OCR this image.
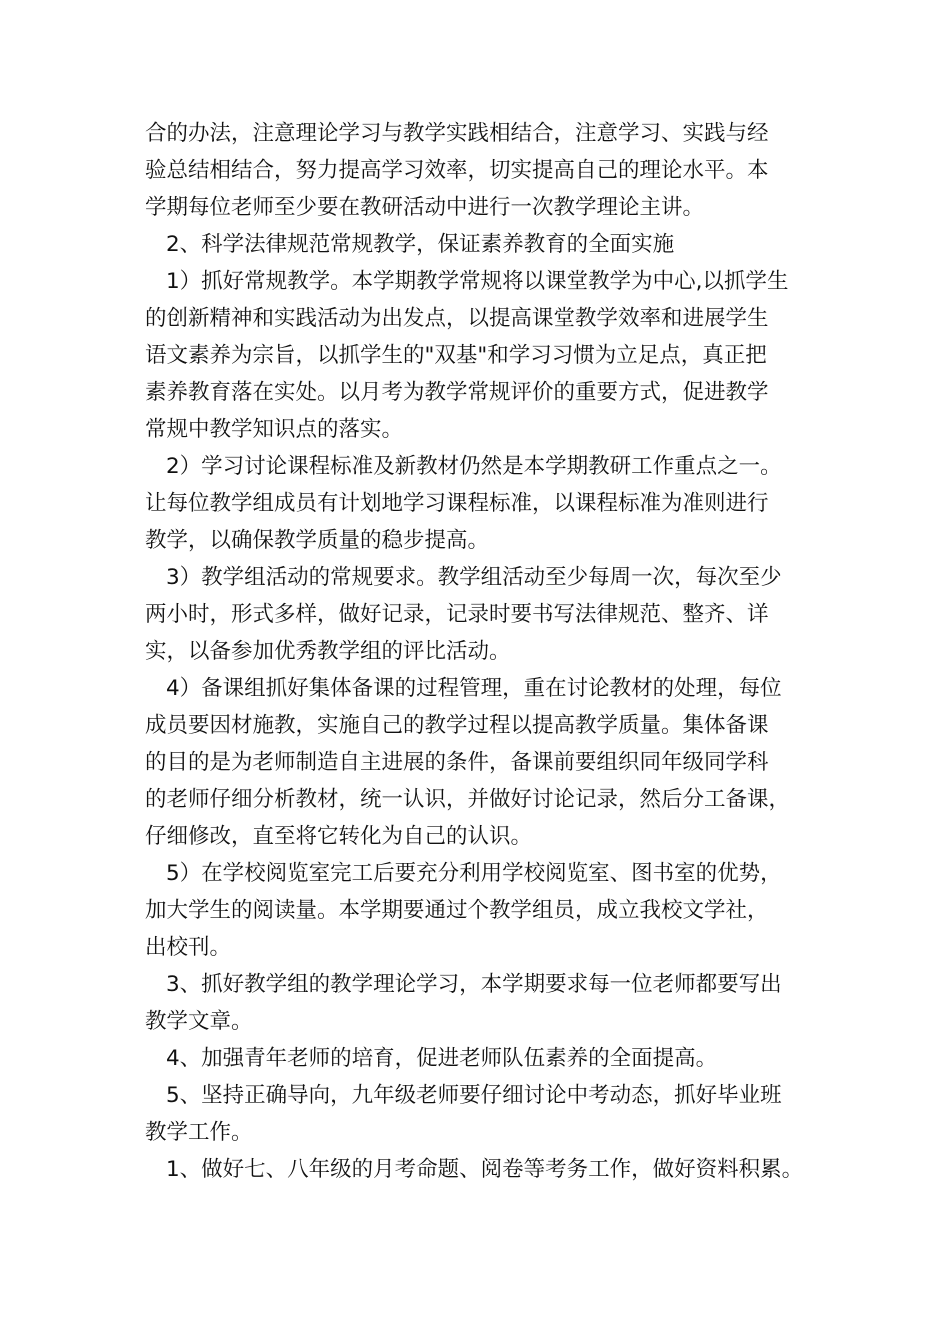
合的办法，注意理论学习与教学实践相结合，注意学习、实践与经

验总结相结合，努力提高学习效率，切实提高自己的理论水平。本

学期每位老师至少要在教研活动中进行一次教学理论主讲。

2、科学法律规范常规教学，保证素养教育的全面实施

1）抓好常规教学。本学期教学常规将以课堂教学为中心,以抓学生

的创新精神和实践活动为出发点，以提高课堂教学效率和进展学生

语文素养为宗旨，以抓学生的"双基"和学习习惯为立足点，真正把

素养教育落在实处。以月考为教学常规评价的重要方式，促进教学

常规中教学知识点的落实。

2）学习讨论课程标准及新教材仍然是本学期教研工作重点之一。

让每位教学组成员有计划地学习课程标准，以课程标准为准则进行

教学，以确保教学质量的稳步提高。

3）教学组活动的常规要求。教学组活动至少每周一次，每次至少

两小时，形式多样，做好记录，记录时要书写法律规范、整齐、详

实，以备参加优秀教学组的评比活动。

4）备课组抓好集体备课的过程管理，重在讨论教材的处理，每位

成员要因材施教，实施自己的教学过程以提高教学质量。集体备课

的目的是为老师制造自主进展的条件，备课前要组织同年级同学科

的老师仔细分析教材，统一认识，并做好讨论记录，然后分工备课，

仔细修改，直至将它转化为自己的认识。

5）在学校阅览室完工后要充分利用学校阅览室、图书室的优势，

加大学生的阅读量。本学期要通过个教学组员，成立我校文学社，

出校刊。

3、抓好教学组的教学理论学习，本学期要求每一位老师都要写出

教学文章。

4、加强青年老师的培育，促进老师队伍素养的全面提高。

5、坚持正确导向，九年级老师要仔细讨论中考动态，抓好毕业班

教学工作。

1、做好七、八年级的月考命题、阅卷等考务工作，做好资料积累。
